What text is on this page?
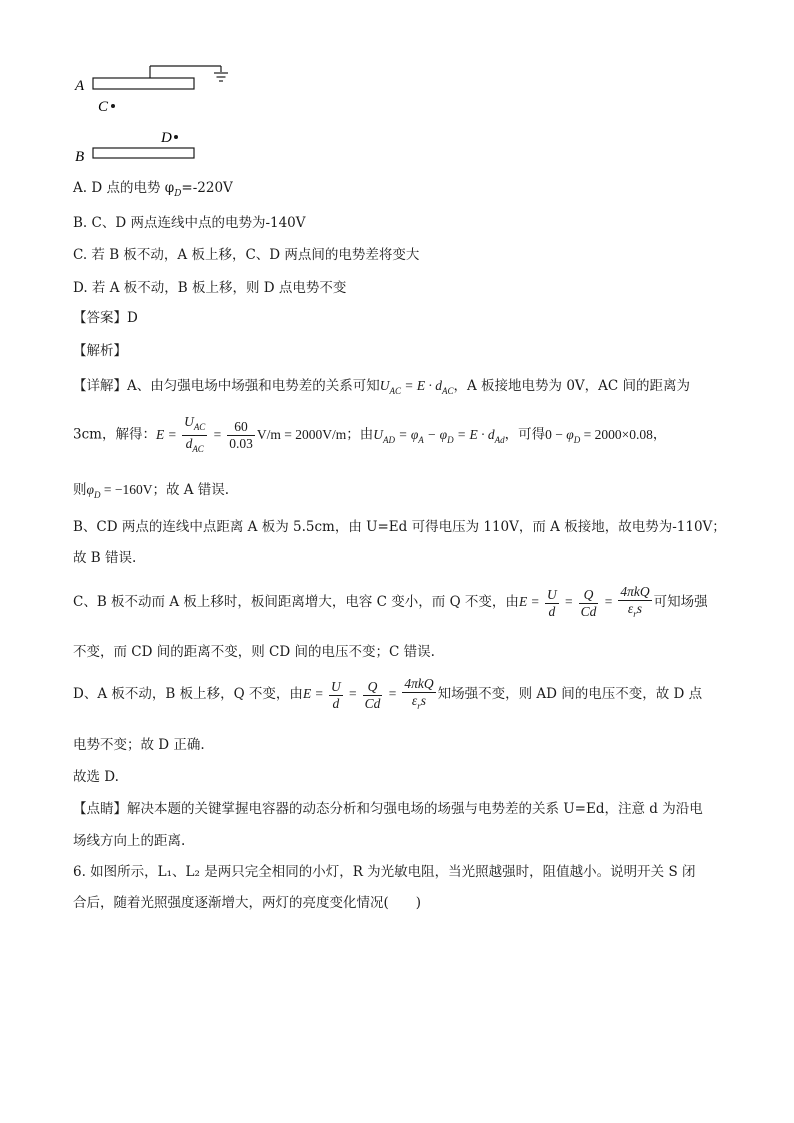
A
C
D
B
A. D 点的电势 $\varphi_D=-220V$
B. C、D 两点连线中点的电势为-140V
C. 若 B 板不动，A 板上移，C、D 两点间的电势差将变大
D. 若 A 板不动，B 板上移，则 D 点电势不变
【答案】D
【解析】
【详解】A、由匀强电场中场强和电势差的关系可知$U_{AC} = E \cdot d_{AC}$，A 板接地电势为 0V，AC 间的距离为
3cm，解得：$E = \frac{U_{AC}}{d_{AC}} = \frac{60}{0.03} V/m = 2000V/m$；由$U_{AD} = \varphi_A - \varphi_D = E \cdot d_{Ad}$，可得$0 - \varphi_D = 2000\times 0.08$，
则$\varphi_D = -160V$；故 A 错误.
B、CD 两点的连线中点距离 A 板为 5.5cm，由 U=Ed 可得电压为 110V，而 A 板接地，故电势为-110V；
故 B 错误.
C、B 板不动而 A 板上移时，板间距离增大，电容 C 变小，而 Q 不变，由$E = \frac{U}{d} = \frac{Q}{Cd} = \frac{\text{4πkQ}}{\varepsilon_rs}$ 可知场强
不变，而 CD 间的距离不变，则 CD 间的电压不变；C 错误.
D、A 板不动，B 板上移，Q 不变，由$E = \frac{U}{d} = \frac{Q}{Cd} = \frac{\text{4πkQ}}{\varepsilon_rs}$ 知场强不变，则 AD 间的电压不变，故 D 点
电势不变；故 D 正确.
故选 D.
【点睛】解决本题的关键掌握电容器的动态分析和匀强电场的场强与电势差的关系 U=Ed，注意 d 为沿电
场线方向上的距离.
6. 如图所示，L₁、L₂ 是两只完全相同的小灯，R 为光敏电阻，当光照越强时，阻值越小。说明开关 S 闭
合后，随着光照强度逐渐增大，两灯的亮度变化情况(　　)
